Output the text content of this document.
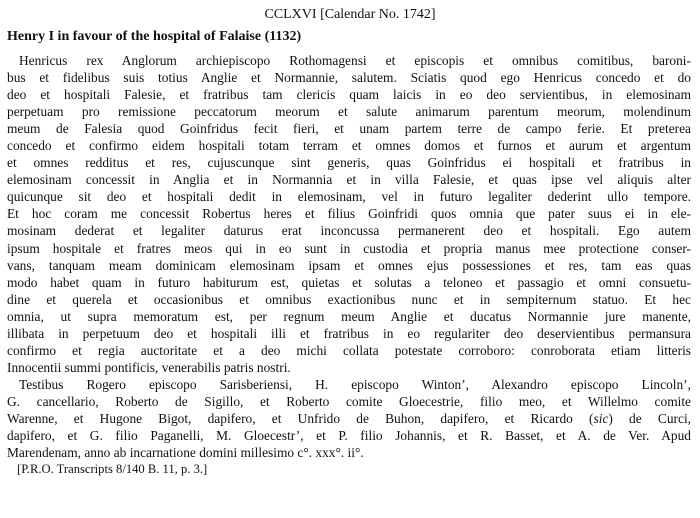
CCLXVI [Calendar No. 1742]
Henry I in favour of the hospital of Falaise (1132)
Henricus rex Anglorum archiepiscopo Rothomagensi et episcopis et omnibus comitibus, baroni-
bus et fidelibus suis totius Anglie et Normannie, salutem. Sciatis quod ego Henricus concedo et do
deo et hospitali Falesie, et fratribus tam clericis quam laicis in eo deo servientibus, in elemosinam
perpetuam pro remissione peccatorum meorum et salute animarum parentum meorum, molendinum
meum de Falesia quod Goinfridus fecit fieri, et unam partem terre de campo ferie. Et preterea
concedo et confirmo eidem hospitali totam terram et omnes domos et furnos et aurum et argentum
et omnes redditus et res, cujuscunque sint generis, quas Goinfridus ei hospitali et fratribus in
elemosinam concessit in Anglia et in Normannia et in villa Falesie, et quas ipse vel aliquis alter
quicunque sit deo et hospitali dedit in elemosinam, vel in futuro legaliter dederint ullo tempore.
Et hoc coram me concessit Robertus heres et filius Goinfridi quos omnia que pater suus ei in ele-
mosinam dederat et legaliter daturus erat inconcussa permanerent deo et hospitali. Ego autem
ipsum hospitale et fratres meos qui in eo sunt in custodia et propria manus mee protectione conser-
vans, tanquam meam dominicam elemosinam ipsam et omnes ejus possessiones et res, tam eas quas
modo habet quam in futuro habiturum est, quietas et solutas a teloneo et passagio et omni consuetu-
dine et querela et occasionibus et omnibus exactionibus nunc et in sempiternum statuo. Et hec
omnia, ut supra memoratum est, per regnum meum Anglie et ducatus Normannie jure manente,
illibata in perpetuum deo et hospitali illi et fratribus in eo regulariter deo deservientibus permansura
confirmo et regia auctoritate et a deo michi collata potestate corroboro: conroborata etiam litteris
Innocentii summi pontificis, venerabilis patris nostri.
Testibus Rogero episcopo Sarisberiensi, H. episcopo Winton’, Alexandro episcopo Lincoln’,
G. cancellario, Roberto de Sigillo, et Roberto comite Gloecestrie, filio meo, et Willelmo comite
Warenne, et Hugone Bigot, dapifero, et Unfrido de Buhon, dapifero, et Ricardo (sic) de Curci,
dapifero, et G. filio Paganelli, M. Gloecestr’, et P. filio Johannis, et R. Basset, et A. de Ver. Apud
Marendenam, anno ab incarnatione domini millesimo c°. xxx°. ii°.
[P.R.O. Transcripts 8/140 B. 11, p. 3.]
